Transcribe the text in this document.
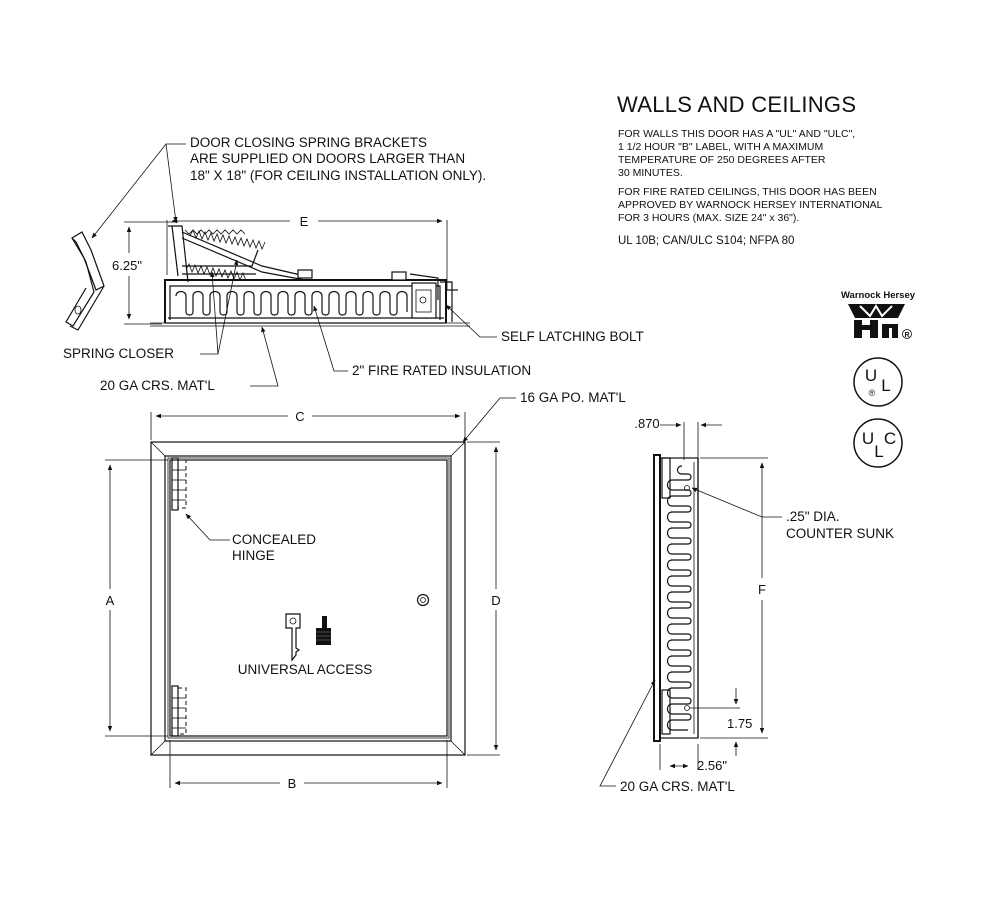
WALLS AND CEILINGS
FOR WALLS THIS DOOR HAS A "UL" AND "ULC",
1 1/2 HOUR "B" LABEL, WITH A MAXIMUM
TEMPERATURE OF 250 DEGREES AFTER
30 MINUTES.
FOR FIRE RATED CEILINGS, THIS DOOR HAS BEEN
APPROVED BY WARNOCK HERSEY INTERNATIONAL
FOR 3 HOURS (MAX. SIZE 24" x 36").
UL 10B; CAN/ULC S104; NFPA 80
Warnock Hersey
R
U
L
®
U
L
C
E
6.25"
DOOR CLOSING SPRING BRACKETS
ARE SUPPLIED ON DOORS LARGER THAN
18" X 18" (FOR CEILING INSTALLATION ONLY).
SPRING CLOSER
20 GA CRS. MAT'L
2" FIRE RATED INSULATION
SELF LATCHING BOLT
C
UNIVERSAL ACCESS
CONCEALED
HINGE
A	D
B
16 GA PO. MAT'L
.870
F
1.75
2.56"
.25" DIA.
COUNTER SUNK
20 GA CRS. MAT'L
